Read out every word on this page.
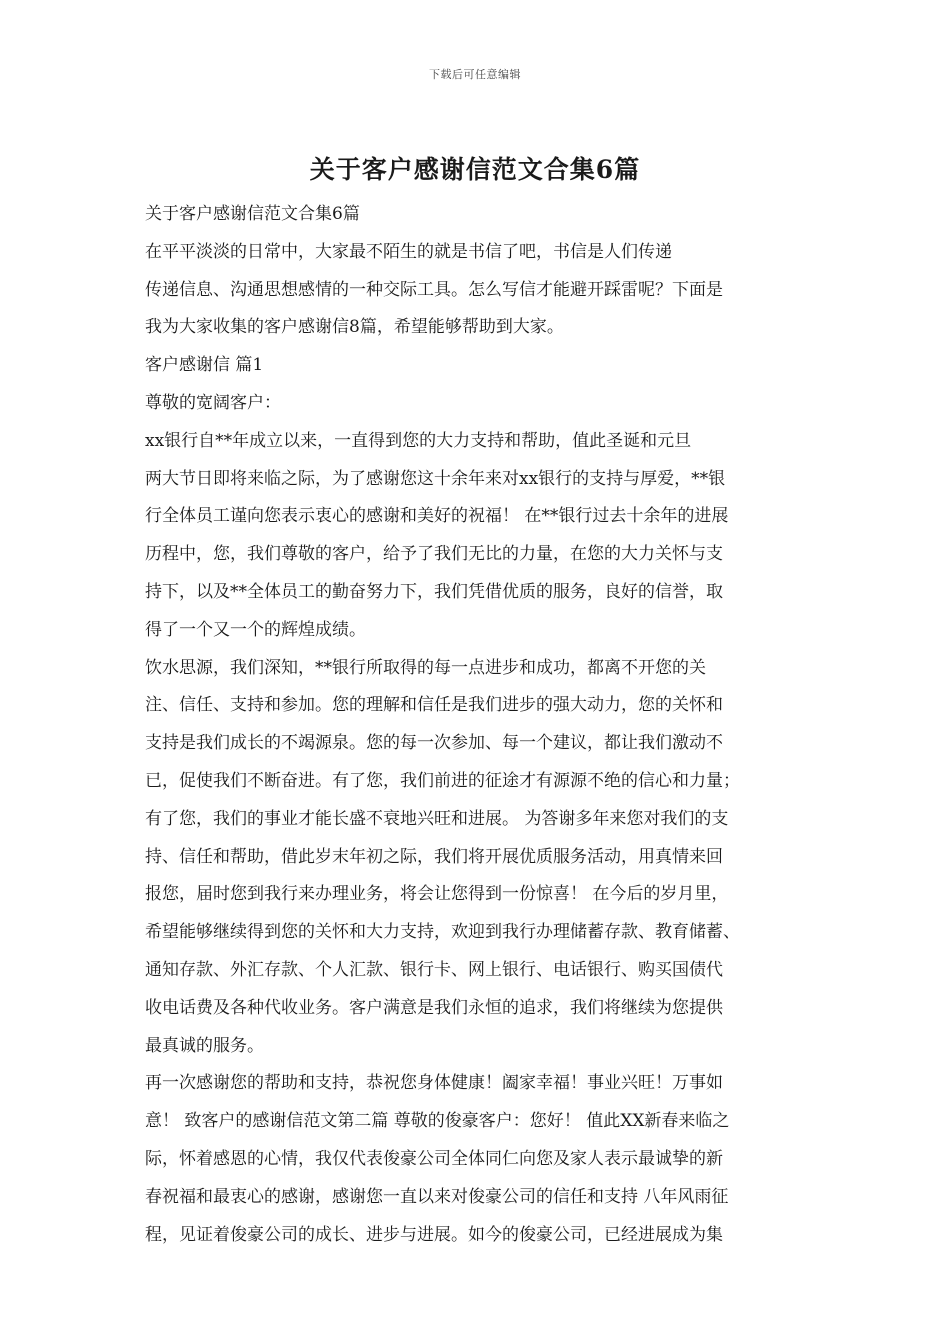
下载后可任意编辑
关于客户感谢信范文合集6篇
关于客户感谢信范文合集6篇
在平平淡淡的日常中，大家最不陌生的就是书信了吧，书信是人们传递
传递信息、沟通思想感情的一种交际工具。怎么写信才能避开踩雷呢？下面是
我为大家收集的客户感谢信8篇，希望能够帮助到大家。
客户感谢信 篇1
尊敬的宽阔客户：
xx银行自**年成立以来，一直得到您的大力支持和帮助，值此圣诞和元旦
两大节日即将来临之际，为了感谢您这十余年来对xx银行的支持与厚爱，**银
行全体员工谨向您表示衷心的感谢和美好的祝福！ 在**银行过去十余年的进展
历程中，您，我们尊敬的客户，给予了我们无比的力量，在您的大力关怀与支
持下，以及**全体员工的勤奋努力下，我们凭借优质的服务，良好的信誉，取
得了一个又一个的辉煌成绩。
饮水思源，我们深知，**银行所取得的每一点进步和成功，都离不开您的关
注、信任、支持和参加。您的理解和信任是我们进步的强大动力，您的关怀和
支持是我们成长的不竭源泉。您的每一次参加、每一个建议，都让我们激动不
已，促使我们不断奋进。有了您，我们前进的征途才有源源不绝的信心和力量；
有了您，我们的事业才能长盛不衰地兴旺和进展。 为答谢多年来您对我们的支
持、信任和帮助，借此岁末年初之际，我们将开展优质服务活动，用真情来回
报您，届时您到我行来办理业务，将会让您得到一份惊喜！ 在今后的岁月里，
希望能够继续得到您的关怀和大力支持，欢迎到我行办理储蓄存款、教育储蓄、
通知存款、外汇存款、个人汇款、银行卡、网上银行、电话银行、购买国债代
收电话费及各种代收业务。客户满意是我们永恒的追求，我们将继续为您提供
最真诚的服务。
再一次感谢您的帮助和支持，恭祝您身体健康！阖家幸福！事业兴旺！万事如
意！ 致客户的感谢信范文第二篇 尊敬的俊豪客户：您好！ 值此XX新春来临之
际，怀着感恩的心情，我仅代表俊豪公司全体同仁向您及家人表示最诚挚的新
春祝福和最衷心的感谢，感谢您一直以来对俊豪公司的信任和支持 八年风雨征
程，见证着俊豪公司的成长、进步与进展。如今的俊豪公司，已经进展成为集
